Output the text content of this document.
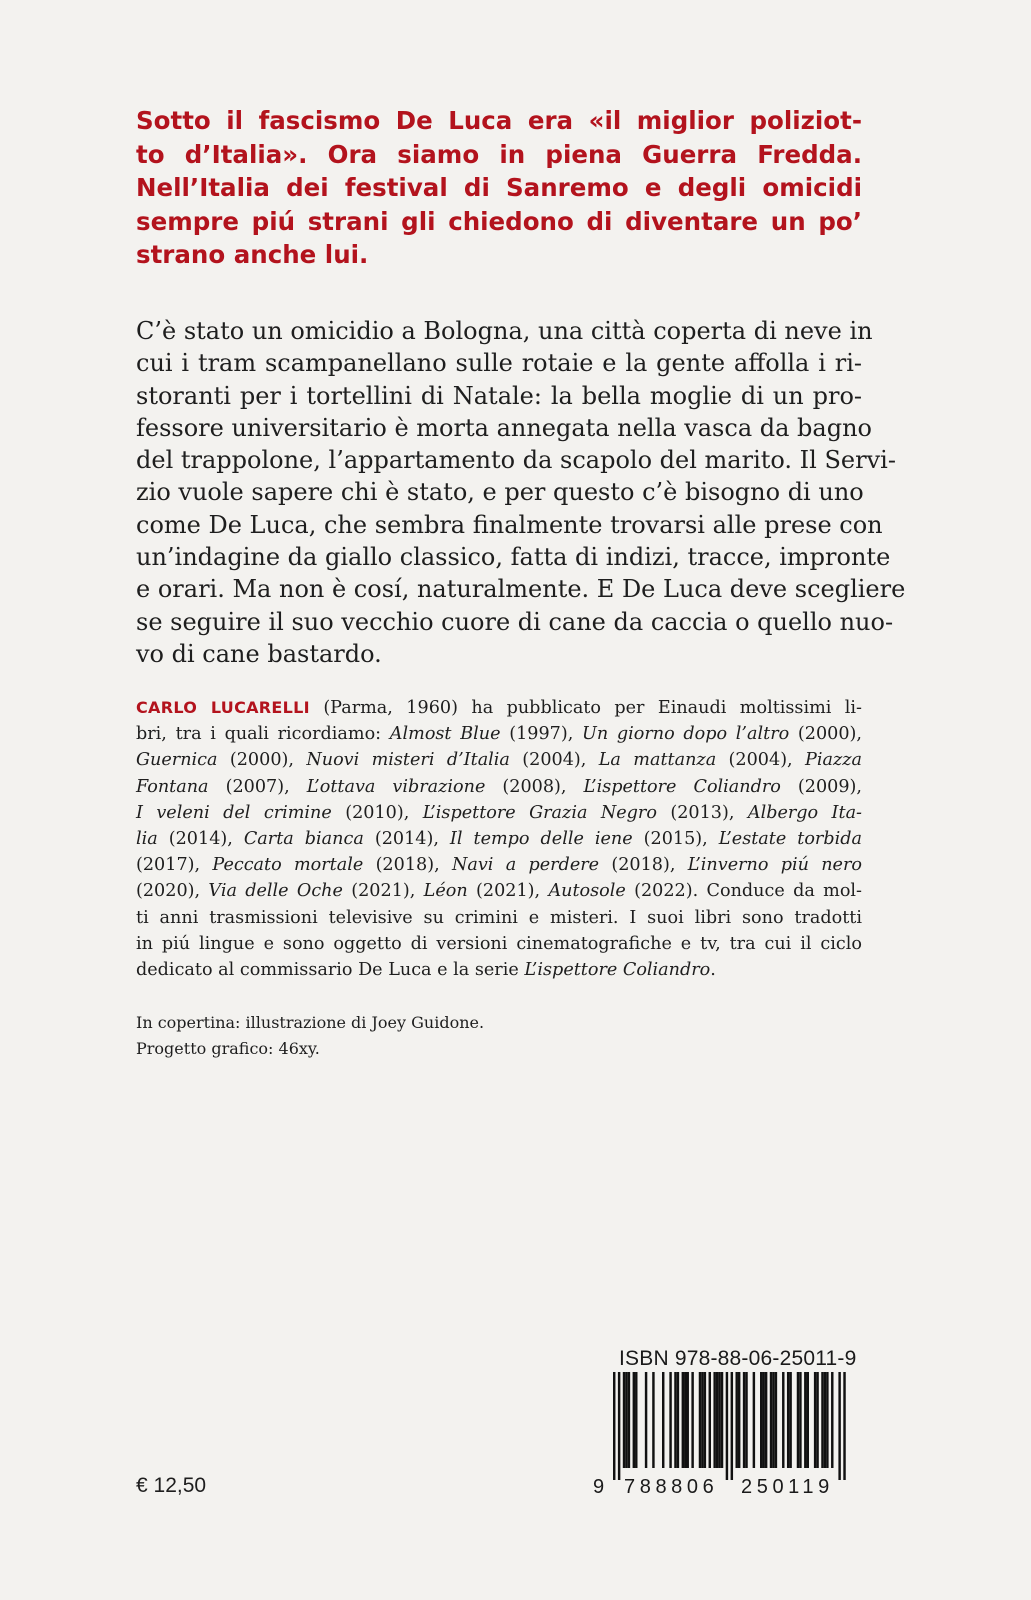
Sotto il fascismo De Luca era «il miglior poliziot-
to d’Italia». Ora siamo in piena Guerra Fredda.
Nell’Italia dei festival di Sanremo e degli omicidi
sempre piú strani gli chiedono di diventare un po’
strano anche lui.
C’è stato un omicidio a Bologna, una città coperta di neve in
cui i tram scampanellano sulle rotaie e la gente affolla i ri-
storanti per i tortellini di Natale: la bella moglie di un pro-
fessore universitario è morta annegata nella vasca da bagno
del trappolone, l’appartamento da scapolo del marito. Il Servi-
zio vuole sapere chi è stato, e per questo c’è bisogno di uno
come De Luca, che sembra finalmente trovarsi alle prese con
un’indagine da giallo classico, fatta di indizi, tracce, impronte
e orari. Ma non è cosí, naturalmente. E De Luca deve scegliere
se seguire il suo vecchio cuore di cane da caccia o quello nuo-
vo di cane bastardo.
CARLO LUCARELLI (Parma, 1960) ha pubblicato per Einaudi moltissimi li-
bri, tra i quali ricordiamo: Almost Blue (1997), Un giorno dopo l’altro (2000),
Guernica (2000), Nuovi misteri d’Italia (2004), La mattanza (2004), Piazza
Fontana (2007), L’ottava vibrazione (2008), L’ispettore Coliandro (2009),
I veleni del crimine (2010), L’ispettore Grazia Negro (2013), Albergo Ita-
lia (2014), Carta bianca (2014), Il tempo delle iene (2015), L’estate torbida
(2017), Peccato mortale (2018), Navi a perdere (2018), L’inverno piú nero
(2020), Via delle Oche (2021), Léon (2021), Autosole (2022). Conduce da mol-
ti anni trasmissioni televisive su crimini e misteri. I suoi libri sono tradotti
in piú lingue e sono oggetto di versioni cinematografiche e tv, tra cui il ciclo
dedicato al commissario De Luca e la serie L’ispettore Coliandro.
In copertina: illustrazione di Joey Guidone.
Progetto grafico: 46xy.
€ 12,50
ISBN 978-88-06-25011-9
9 788806 250119
